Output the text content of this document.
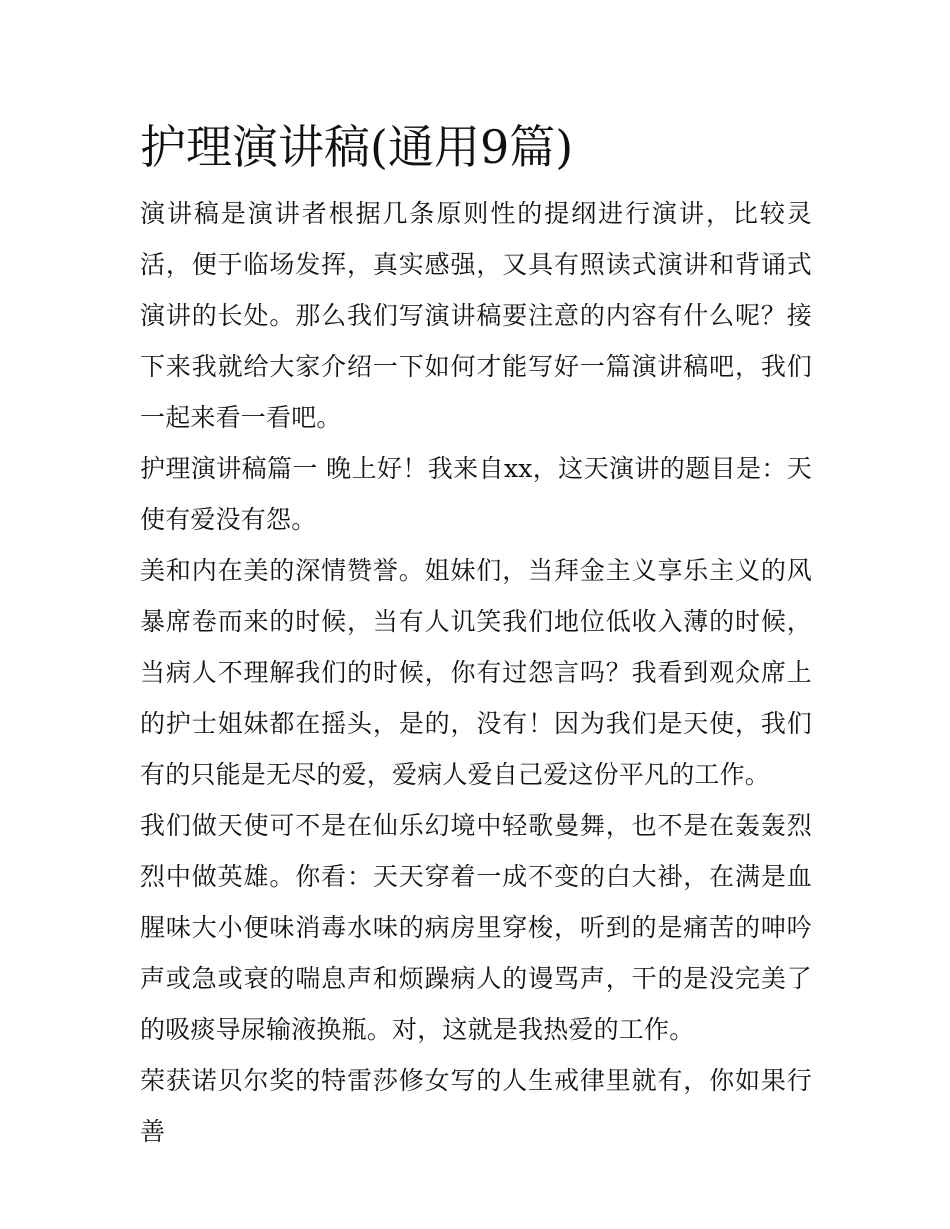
护理演讲稿(通用9篇)

演讲稿是演讲者根据几条原则性的提纲进行演讲，比较灵活，便于临场发挥，真实感强，又具有照读式演讲和背诵式演讲的长处。那么我们写演讲稿要注意的内容有什么呢？接下来我就给大家介绍一下如何才能写好一篇演讲稿吧，我们一起来看一看吧。

护理演讲稿篇一 晚上好！我来自xx，这天演讲的题目是：天使有爱没有怨。

美和内在美的深情赞誉。姐妹们，当拜金主义享乐主义的风暴席卷而来的时候，当有人讥笑我们地位低收入薄的时候，当病人不理解我们的时候，你有过怨言吗？我看到观众席上的护士姐妹都在摇头，是的，没有！因为我们是天使，我们有的只能是无尽的爱，爱病人爱自己爱这份平凡的工作。

我们做天使可不是在仙乐幻境中轻歌曼舞，也不是在轰轰烈烈中做英雄。你看：天天穿着一成不变的白大褂，在满是血腥味大小便味消毒水味的病房里穿梭，听到的是痛苦的呻吟声或急或衰的喘息声和烦躁病人的谩骂声，干的是没完美了的吸痰导尿输液换瓶。对，这就是我热爱的工作。

荣获诺贝尔奖的特雷莎修女写的人生戒律里就有，你如果行善
